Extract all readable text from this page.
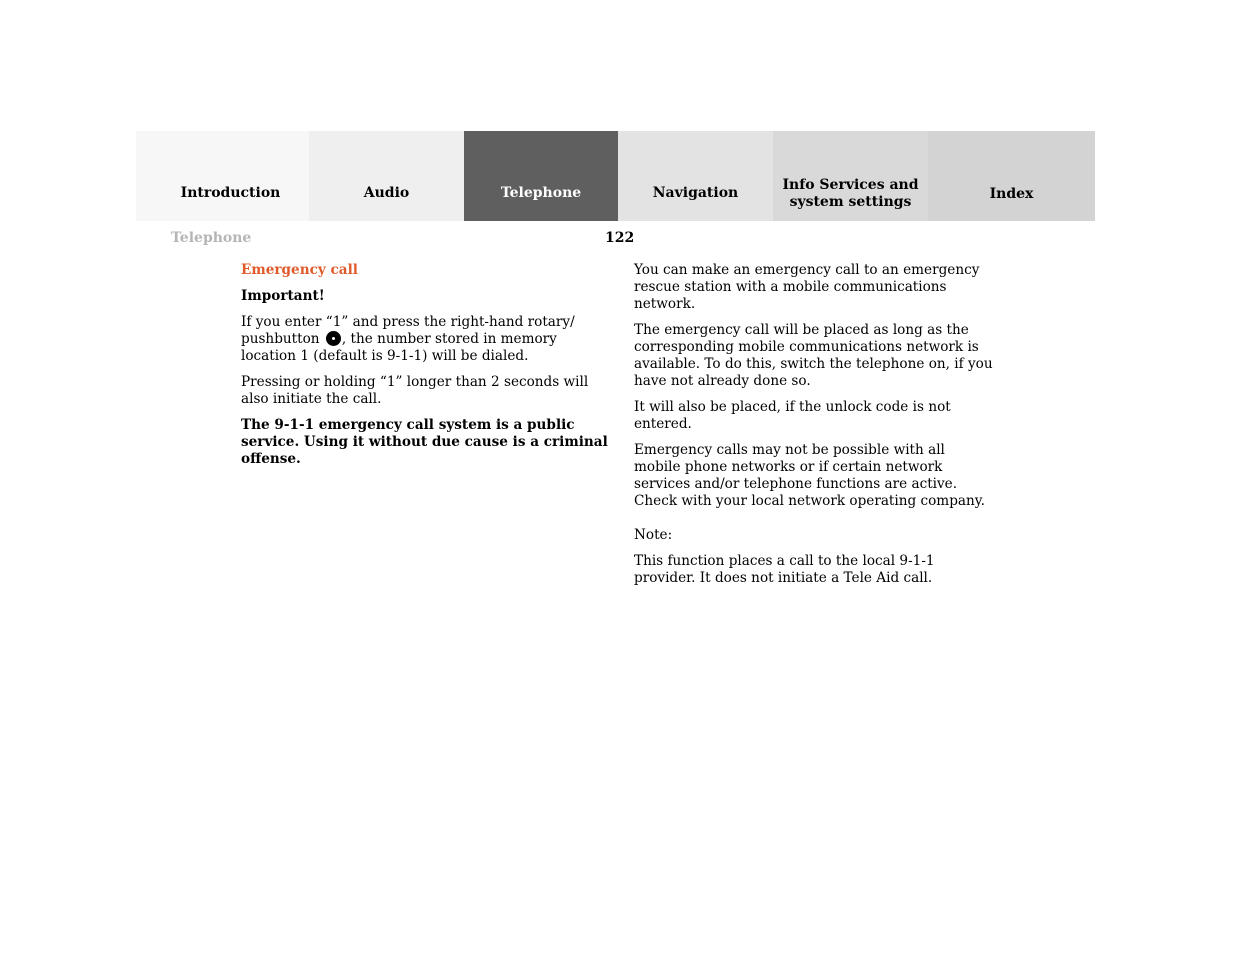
Introduction	Audio	Telephone	Navigation	Info Services and
system settings	Index
Telephone	122

Emergency call

Important!

If you enter “1” and press the right-hand rotary/ pushbutton , the number stored in memory location 1 (default is 9-1-1) will be dialed.

Pressing or holding “1” longer than 2 seconds will also initiate the call.

The 9-1-1 emergency call system is a public service. Using it without due cause is a criminal offense.

You can make an emergency call to an emergency rescue station with a mobile communications network.

The emergency call will be placed as long as the corresponding mobile communications network is available. To do this, switch the telephone on, if you have not already done so.

It will also be placed, if the unlock code is not entered.

Emergency calls may not be possible with all mobile phone networks or if certain network services and/or telephone functions are active. Check with your local network operating company.

Note:

This function places a call to the local 9-1-1 provider. It does not initiate a Tele Aid call.
